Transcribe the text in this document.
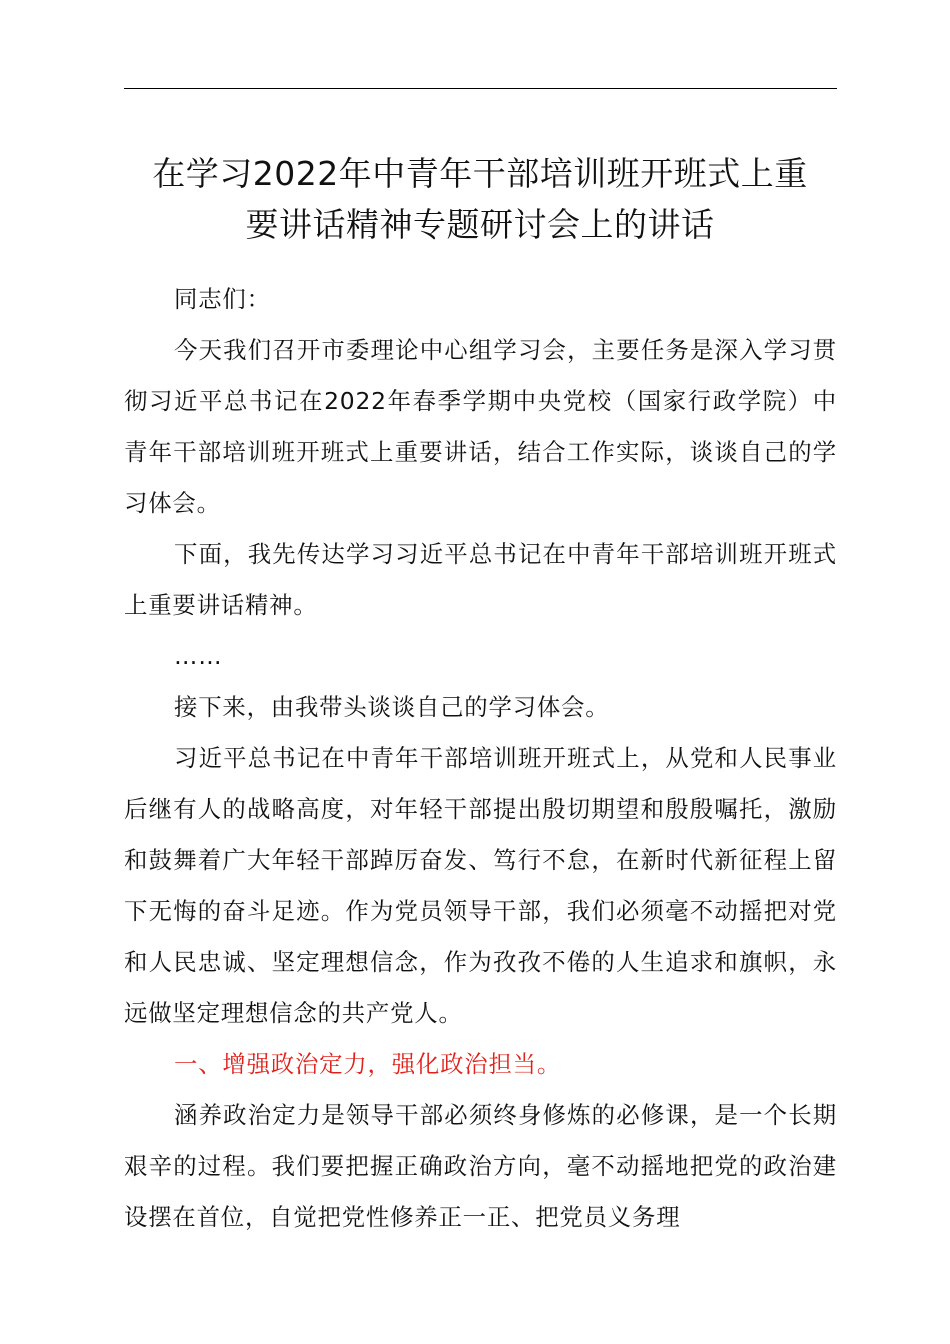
在学习2022年中青年干部培训班开班式上重
要讲话精神专题研讨会上的讲话

同志们：

今天我们召开市委理论中心组学习会，主要任务是深入学习贯彻习近平总书记在2022年春季学期中央党校（国家行政学院）中青年干部培训班开班式上重要讲话，结合工作实际，谈谈自己的学习体会。

下面，我先传达学习习近平总书记在中青年干部培训班开班式上重要讲话精神。

……

接下来，由我带头谈谈自己的学习体会。

习近平总书记在中青年干部培训班开班式上，从党和人民事业后继有人的战略高度，对年轻干部提出殷切期望和殷殷嘱托，激励和鼓舞着广大年轻干部踔厉奋发、笃行不怠，在新时代新征程上留下无悔的奋斗足迹。作为党员领导干部，我们必须毫不动摇把对党和人民忠诚、坚定理想信念，作为孜孜不倦的人生追求和旗帜，永远做坚定理想信念的共产党人。

一、增强政治定力，强化政治担当。

涵养政治定力是领导干部必须终身修炼的必修课，是一个长期艰辛的过程。我们要把握正确政治方向，毫不动摇地把党的政治建设摆在首位，自觉把党性修养正一正、把党员义务理
